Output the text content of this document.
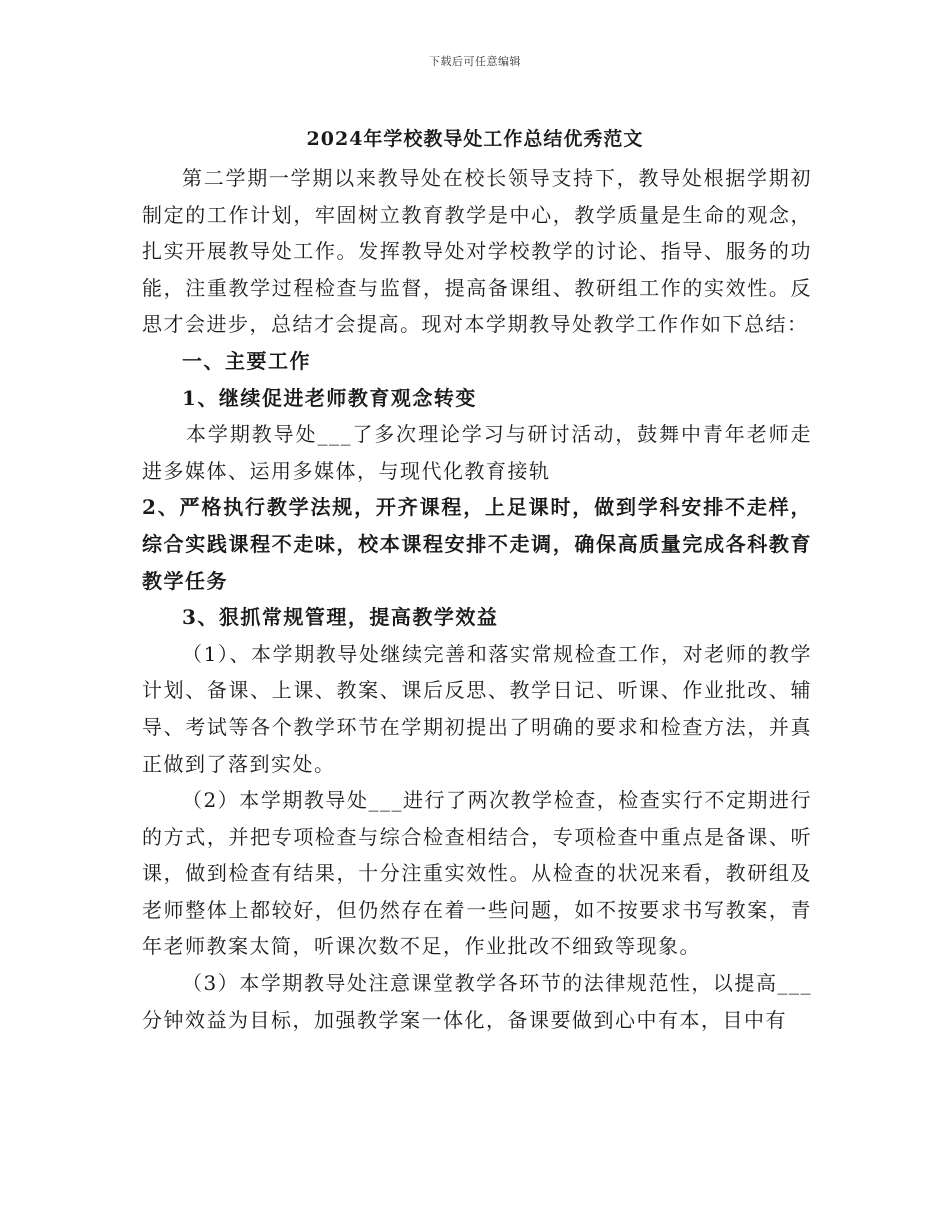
下载后可任意编辑
2024年学校教导处工作总结优秀范文

第二学期一学期以来教导处在校长领导支持下，教导处根据学期初制定的工作计划，牢固树立教育教学是中心，教学质量是生命的观念，扎实开展教导处工作。发挥教导处对学校教学的讨论、指导、服务的功能，注重教学过程检查与监督，提高备课组、教研组工作的实效性。反思才会进步，总结才会提高。现对本学期教导处教学工作作如下总结：

一、主要工作

1、继续促进老师教育观念转变

本学期教导处___了多次理论学习与研讨活动，鼓舞中青年老师走进多媒体、运用多媒体，与现代化教育接轨

2、严格执行教学法规，开齐课程，上足课时，做到学科安排不走样，综合实践课程不走味，校本课程安排不走调，确保高质量完成各科教育教学任务

3、狠抓常规管理，提高教学效益

（1）、本学期教导处继续完善和落实常规检查工作，对老师的教学计划、备课、上课、教案、课后反思、教学日记、听课、作业批改、辅导、考试等各个教学环节在学期初提出了明确的要求和检查方法，并真正做到了落到实处。

（2）本学期教导处___进行了两次教学检查，检查实行不定期进行的方式，并把专项检查与综合检查相结合，专项检查中重点是备课、听课，做到检查有结果，十分注重实效性。从检查的状况来看，教研组及老师整体上都较好，但仍然存在着一些问题，如不按要求书写教案，青年老师教案太简，听课次数不足，作业批改不细致等现象。

（3）本学期教导处注意课堂教学各环节的法律规范性，以提高___分钟效益为目标，加强教学案一体化，备课要做到心中有本，目中有
